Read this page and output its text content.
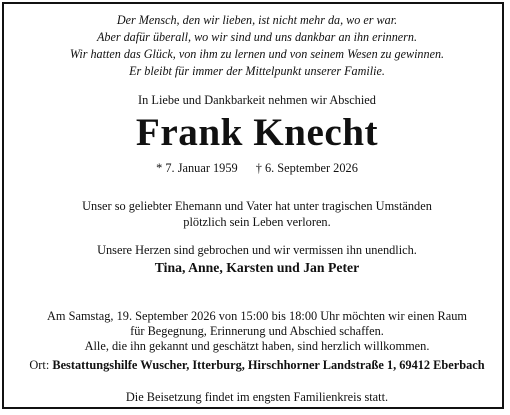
Der Mensch, den wir lieben, ist nicht mehr da, wo er war.
Aber dafür überall, wo wir sind und uns dankbar an ihn erinnern.
Wir hatten das Glück, von ihm zu lernen und von seinem Wesen zu gewinnen.
Er bleibt für immer der Mittelpunkt unserer Familie.
In Liebe und Dankbarkeit nehmen wir Abschied
Frank Knecht
* 7. Januar 1959 † 6. September 2026
Unser so geliebter Ehemann und Vater hat unter tragischen Umständen
plötzlich sein Leben verloren.
Unsere Herzen sind gebrochen und wir vermissen ihn unendlich.
Tina, Anne, Karsten und Jan Peter
Am Samstag, 19. September 2026 von 15:00 bis 18:00 Uhr möchten wir einen Raum
für Begegnung, Erinnerung und Abschied schaffen.
Alle, die ihn gekannt und geschätzt haben, sind herzlich willkommen.
Ort: Bestattungshilfe Wuscher, Itterburg, Hirschhorner Landstraße 1, 69412 Eberbach
Die Beisetzung findet im engsten Familienkreis statt.
